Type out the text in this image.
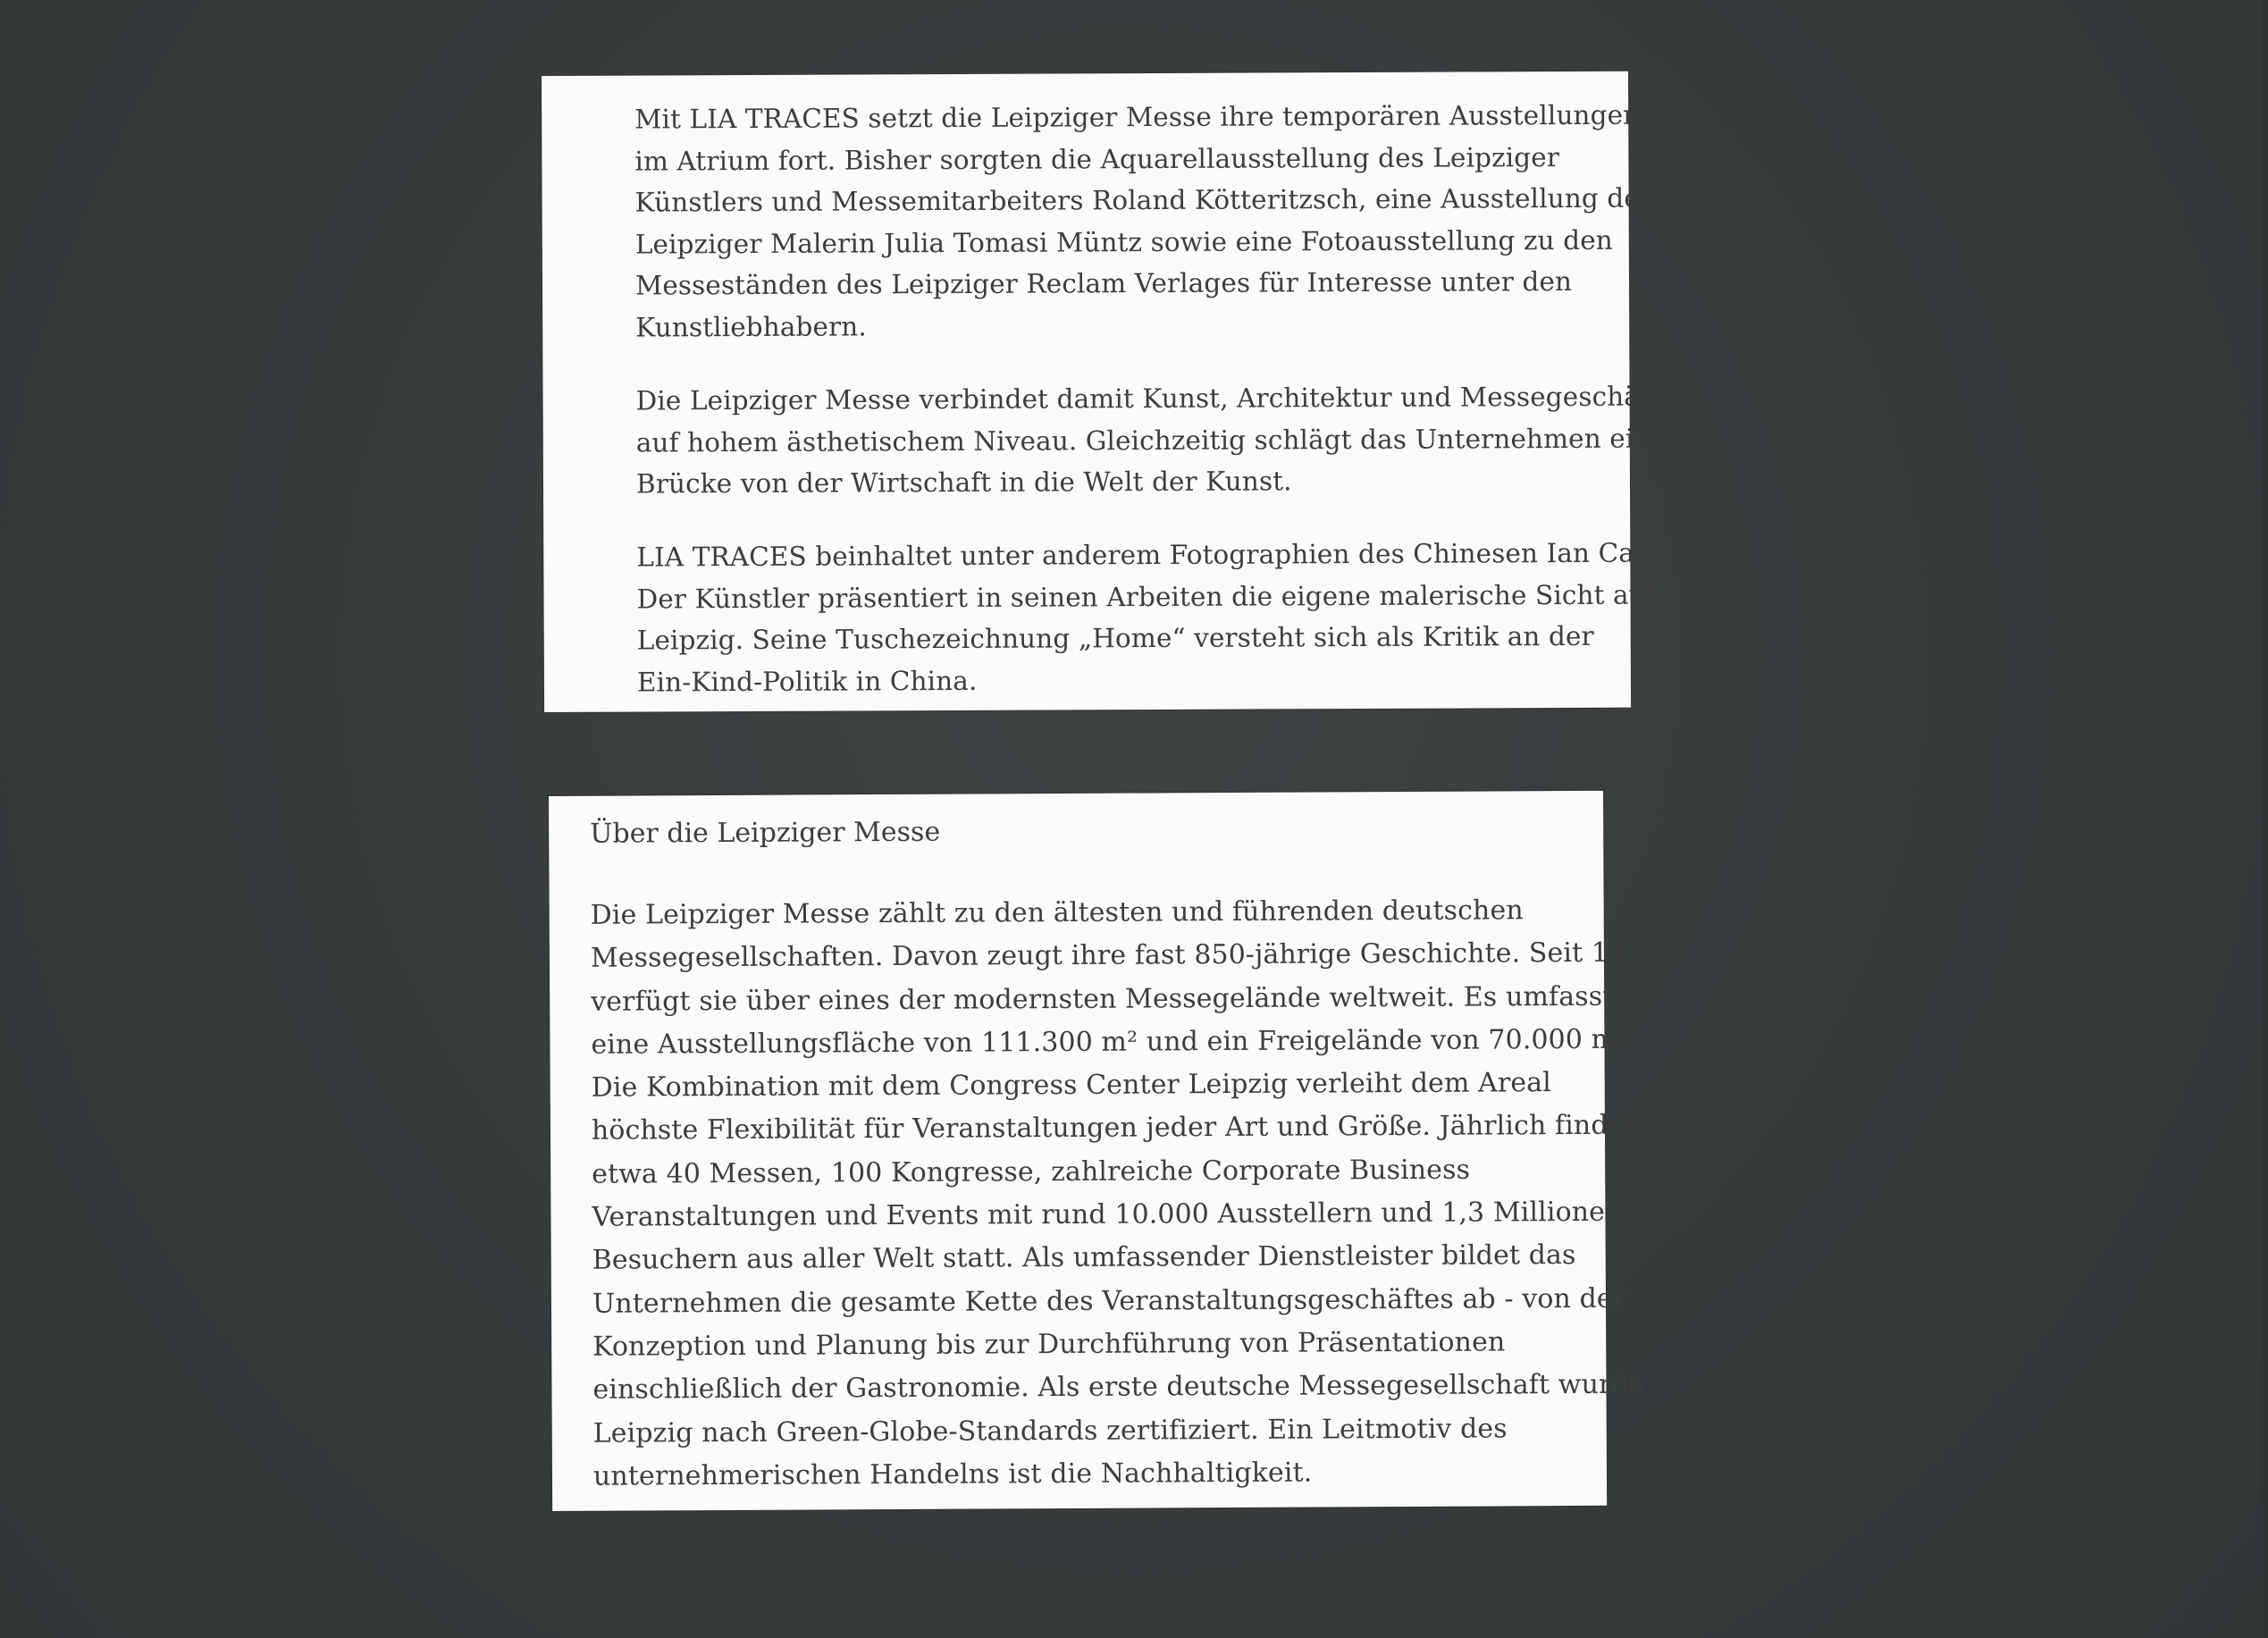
Mit LIA TRACES setzt die Leipziger Messe ihre temporären Ausstellungen
im Atrium fort. Bisher sorgten die Aquarellausstellung des Leipziger
Künstlers und Messemitarbeiters Roland Kötteritzsch, eine Ausstellung der
Leipziger Malerin Julia Tomasi Müntz sowie eine Fotoausstellung zu den
Messeständen des Leipziger Reclam Verlages für Interesse unter den
Kunstliebhabern.
Die Leipziger Messe verbindet damit Kunst, Architektur und Messegeschäft
auf hohem ästhetischem Niveau. Gleichzeitig schlägt das Unternehmen eine
Brücke von der Wirtschaft in die Welt der Kunst.
LIA TRACES beinhaltet unter anderem Fotographien des Chinesen Ian Cao.
Der Künstler präsentiert in seinen Arbeiten die eigene malerische Sicht auf
Leipzig. Seine Tuschezeichnung „Home“ versteht sich als Kritik an der
Ein-Kind-Politik in China.
Über die Leipziger Messe
Die Leipziger Messe zählt zu den ältesten und führenden deutschen
Messegesellschaften. Davon zeugt ihre fast 850-jährige Geschichte. Seit 1996
verfügt sie über eines der modernsten Messegelände weltweit. Es umfasst
eine Ausstellungsfläche von 111.300 m² und ein Freigelände von 70.000 m².
Die Kombination mit dem Congress Center Leipzig verleiht dem Areal
höchste Flexibilität für Veranstaltungen jeder Art und Größe. Jährlich finden
etwa 40 Messen, 100 Kongresse, zahlreiche Corporate Business
Veranstaltungen und Events mit rund 10.000 Ausstellern und 1,3 Millionen
Besuchern aus aller Welt statt. Als umfassender Dienstleister bildet das
Unternehmen die gesamte Kette des Veranstaltungsgeschäftes ab - von der
Konzeption und Planung bis zur Durchführung von Präsentationen
einschließlich der Gastronomie. Als erste deutsche Messegesellschaft wurde
Leipzig nach Green-Globe-Standards zertifiziert. Ein Leitmotiv des
unternehmerischen Handelns ist die Nachhaltigkeit.
